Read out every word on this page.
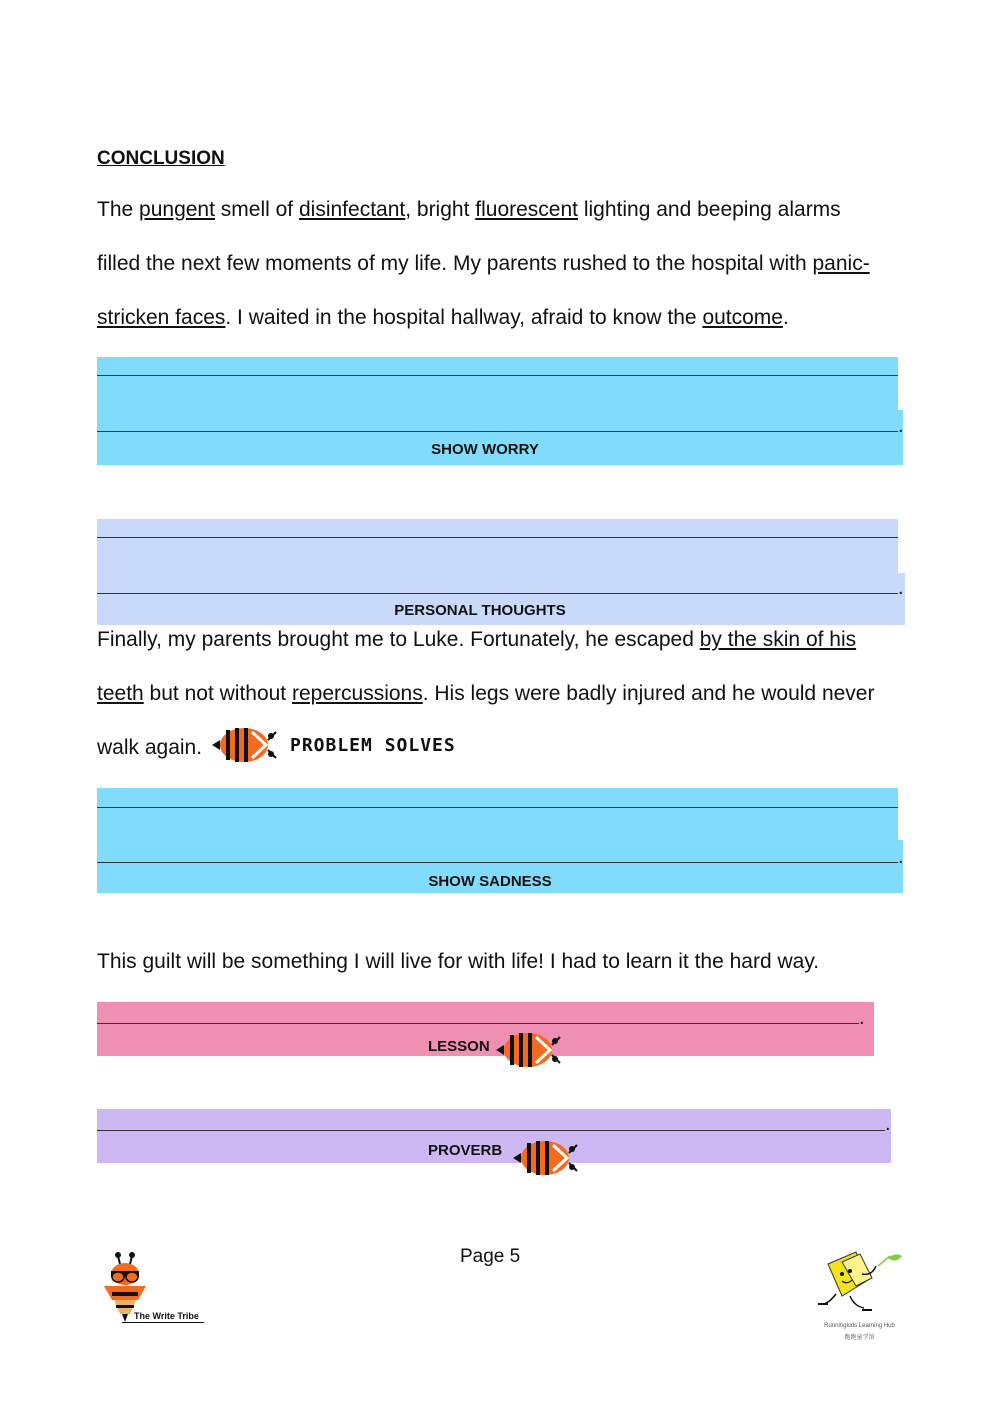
CONCLUSION
The pungent smell of disinfectant, bright fluorescent lighting and beeping alarms
filled the next few moments of my life. My parents rushed to the hospital with panic-
stricken faces. I waited in the hospital hallway, afraid to know the outcome.
.
SHOW WORRY
.
PERSONAL THOUGHTS
Finally, my parents brought me to Luke. Fortunately, he escaped by the skin of his
teeth but not without repercussions. His legs were badly injured and he would never
walk again.	PROBLEM SOLVES
.
SHOW SADNESS
This guilt will be something I will live for with life! I had to learn it the hard way.
.
LESSON
.
PROVERB
Page 5
The Write Tribe
Runningkids Learning Hub
跑跑童学馆
